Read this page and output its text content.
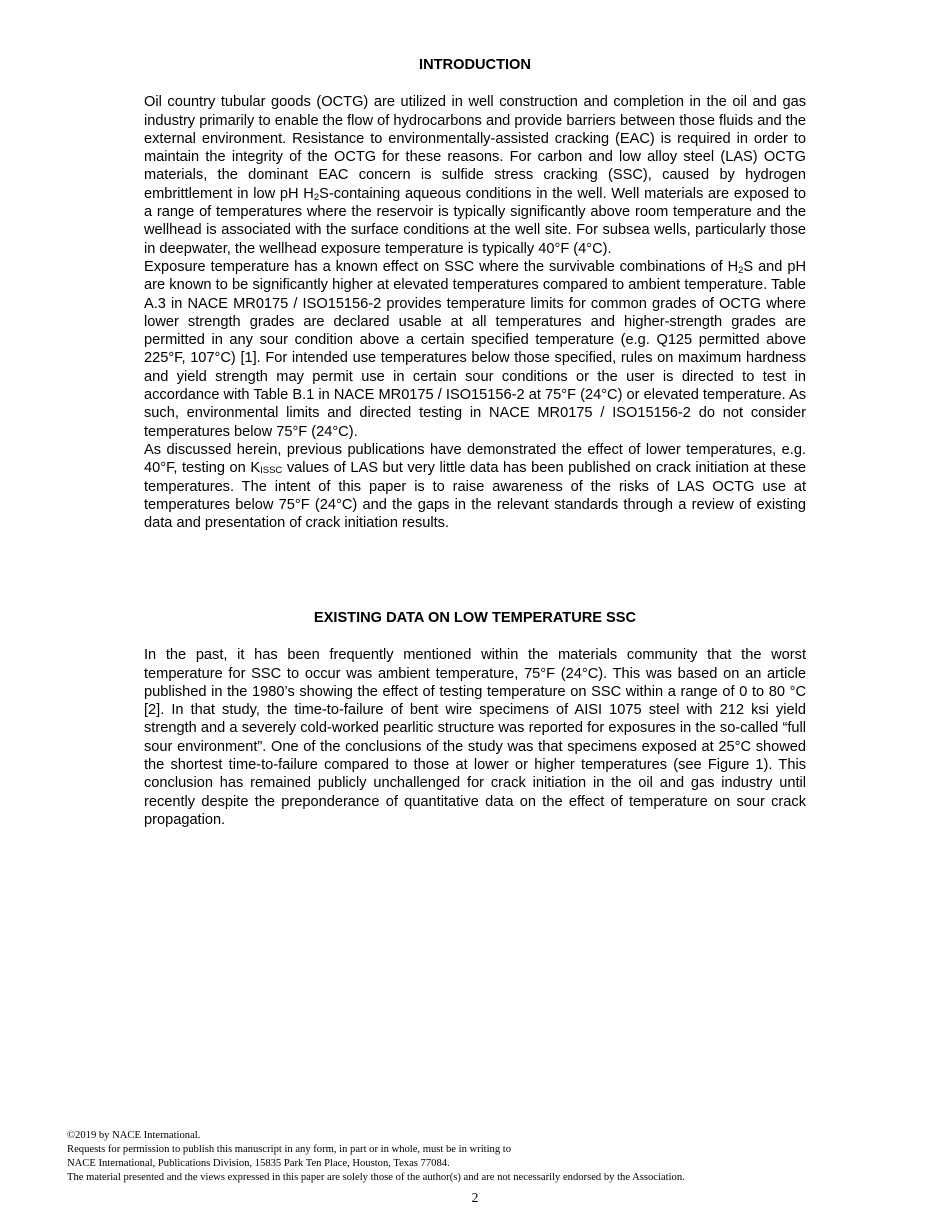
INTRODUCTION

Oil country tubular goods (OCTG) are utilized in well construction and completion in the oil and gas industry primarily to enable the flow of hydrocarbons and provide barriers between those fluids and the external environment. Resistance to environmentally-assisted cracking (EAC) is required in order to maintain the integrity of the OCTG for these reasons. For carbon and low alloy steel (LAS) OCTG materials, the dominant EAC concern is sulfide stress cracking (SSC), caused by hydrogen embrittlement in low pH $H_2S$-containing aqueous conditions in the well. Well materials are exposed to a range of temperatures where the reservoir is typically significantly above room temperature and the wellhead is associated with the surface conditions at the well site. For subsea wells, particularly those in deepwater, the wellhead exposure temperature is typically 40°F (4°C).

Exposure temperature has a known effect on SSC where the survivable combinations of $H_2S$ and pH are known to be significantly higher at elevated temperatures compared to ambient temperature. Table A.3 in NACE MR0175 / ISO15156-2 provides temperature limits for common grades of OCTG where lower strength grades are declared usable at all temperatures and higher-strength grades are permitted in any sour condition above a certain specified temperature (e.g. Q125 permitted above 225°F, 107°C) [1]. For intended use temperatures below those specified, rules on maximum hardness and yield strength may permit use in certain sour conditions or the user is directed to test in accordance with Table B.1 in NACE MR0175 / ISO15156-2 at 75°F (24°C) or elevated temperature. As such, environmental limits and directed testing in NACE MR0175 / ISO15156-2 do not consider temperatures below 75°F (24°C).

As discussed herein, previous publications have demonstrated the effect of lower temperatures, e.g. 40°F, testing on KISSC values of LAS but very little data has been published on crack initiation at these temperatures. The intent of this paper is to raise awareness of the risks of LAS OCTG use at temperatures below 75°F (24°C) and the gaps in the relevant standards through a review of existing data and presentation of crack initiation results.

EXISTING DATA ON LOW TEMPERATURE SSC

In the past, it has been frequently mentioned within the materials community that the worst temperature for SSC to occur was ambient temperature, 75°F (24°C). This was based on an article published in the 1980’s showing the effect of testing temperature on SSC within a range of 0 to 80 °C [2]. In that study, the time-to-failure of bent wire specimens of AISI 1075 steel with 212 ksi yield strength and a severely cold-worked pearlitic structure was reported for exposures in the so-called “full sour environment”. One of the conclusions of the study was that specimens exposed at 25°C showed the shortest time-to-failure compared to those at lower or higher temperatures (see Figure 1). This conclusion has remained publicly unchallenged for crack initiation in the oil and gas industry until recently despite the preponderance of quantitative data on the effect of temperature on sour crack propagation.

©2019 by NACE International.
Requests for permission to publish this manuscript in any form, in part or in whole, must be in writing to
NACE International, Publications Division, 15835 Park Ten Place, Houston, Texas 77084.
The material presented and the views expressed in this paper are solely those of the author(s) and are not necessarily endorsed by the Association.
2
